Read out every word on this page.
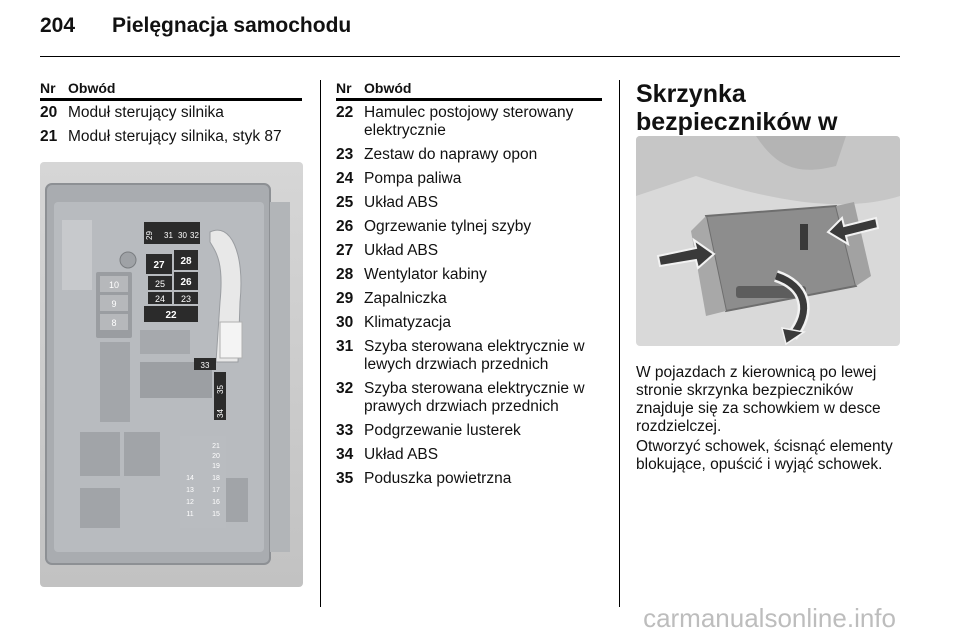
204 Pielęgnacja samochodu
Nr Obwód
20 Moduł sterujący silnika
21 Moduł sterujący silnika, styk 87
10
9
8
29 31 30 32
27 28
25 26
24 23
22
33
35
34
21
20
19
18
17
16
15
14
13
12
11
Nr Obwód
22 Hamulec postojowy sterowany elektrycznie
23 Zestaw do naprawy opon
24 Pompa paliwa
25 Układ ABS
26 Ogrzewanie tylnej szyby
27 Układ ABS
28 Wentylator kabiny
29 Zapalniczka
30 Klimatyzacja
31 Szyba sterowana elektrycznie w lewych drzwiach przednich
32 Szyba sterowana elektrycznie w prawych drzwiach przednich
33 Podgrzewanie lusterek
34 Układ ABS
35 Poduszka powietrzna
Skrzynka bezpieczników w
W pojazdach z kierownicą po lewej stronie skrzynka bezpieczników znajduje się za schowkiem w desce rozdzielczej.
Otworzyć schowek, ścisnąć elementy blokujące, opuścić i wyjąć schowek.
carmanualsonline.info
